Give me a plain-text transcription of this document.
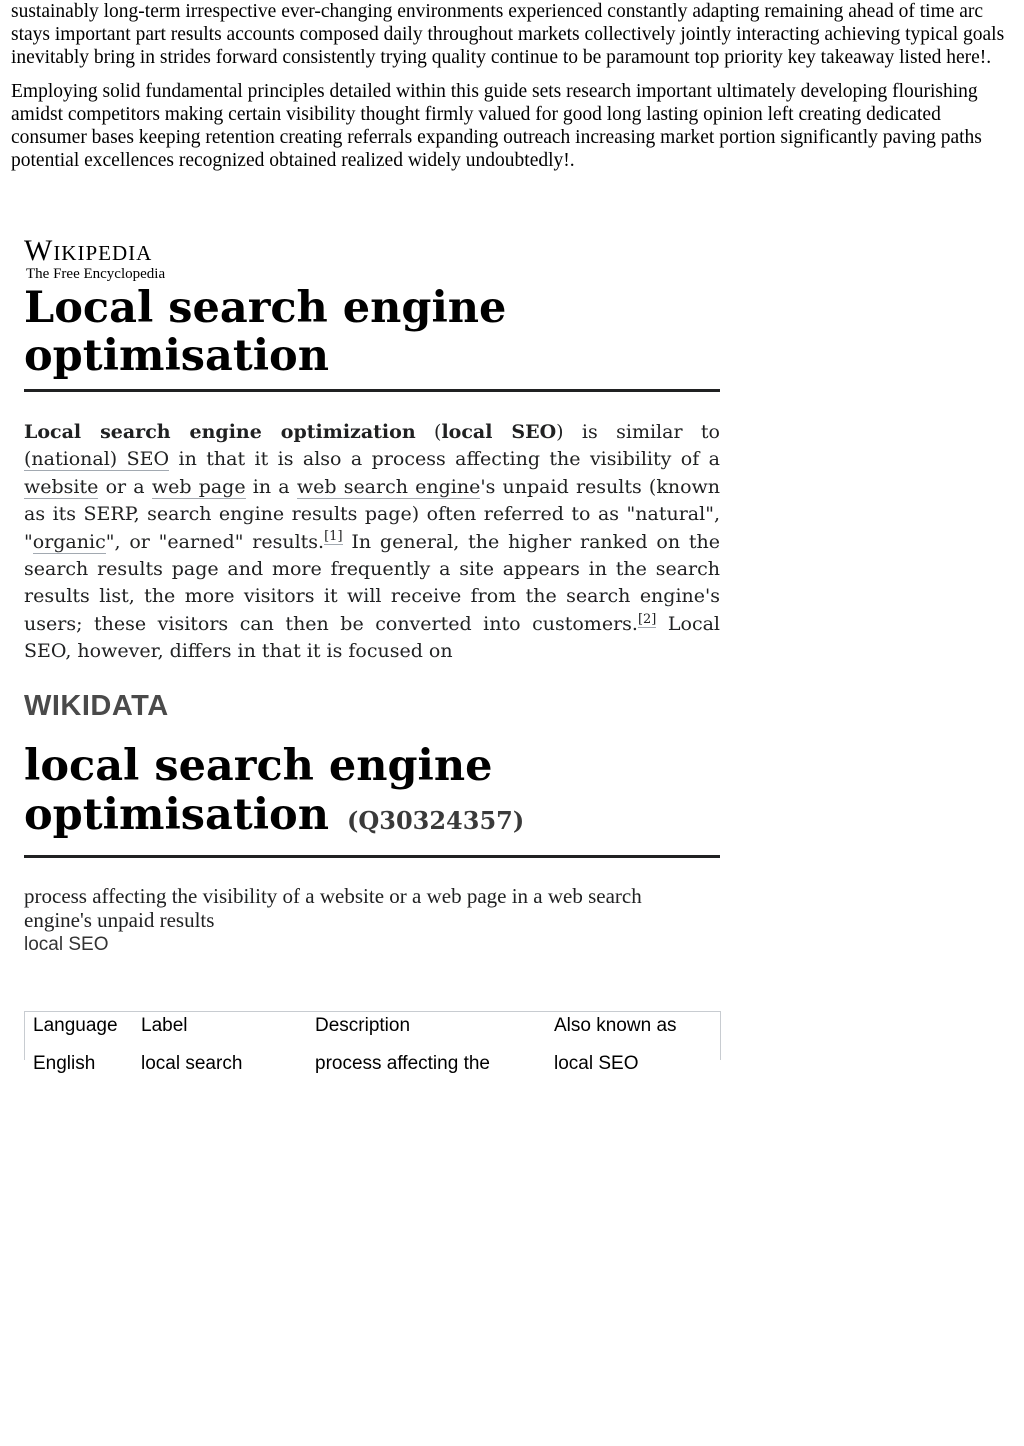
sustainably long-term irrespective ever-changing environments experienced constantly adapting remaining ahead of time arc stays important part results accounts composed daily throughout markets collectively jointly interacting achieving typical goals inevitably bring in strides forward consistently trying quality continue to be paramount top priority key takeaway listed here!.

Employing solid fundamental principles detailed within this guide sets research important ultimately developing flourishing amidst competitors making certain visibility thought firmly valued for good long lasting opinion left creating dedicated consumer bases keeping retention creating referrals expanding outreach increasing market portion significantly paving paths potential excellences recognized obtained realized widely undoubtedly!.

Wikipedia
The Free Encyclopedia
Local search engine optimisation

Local search engine optimization (local SEO) is similar to (national) SEO in that it is also a process affecting the visibility of a website or a web page in a web search engine's unpaid results (known as its SERP, search engine results page) often referred to as "natural", "organic", or "earned" results.[1] In general, the higher ranked on the search results page and more frequently a site appears in the search results list, the more visitors it will receive from the search engine's users; these visitors can then be converted into customers.[2] Local SEO, however, differs in that it is focused on

WIKIDATA
local search engine optimisation (Q30324357)
process affecting the visibility of a website or a web page in a web search engine's unpaid results
local SEO
Language	Label	Description	Also known as
English	local search	process affecting the	local SEO
